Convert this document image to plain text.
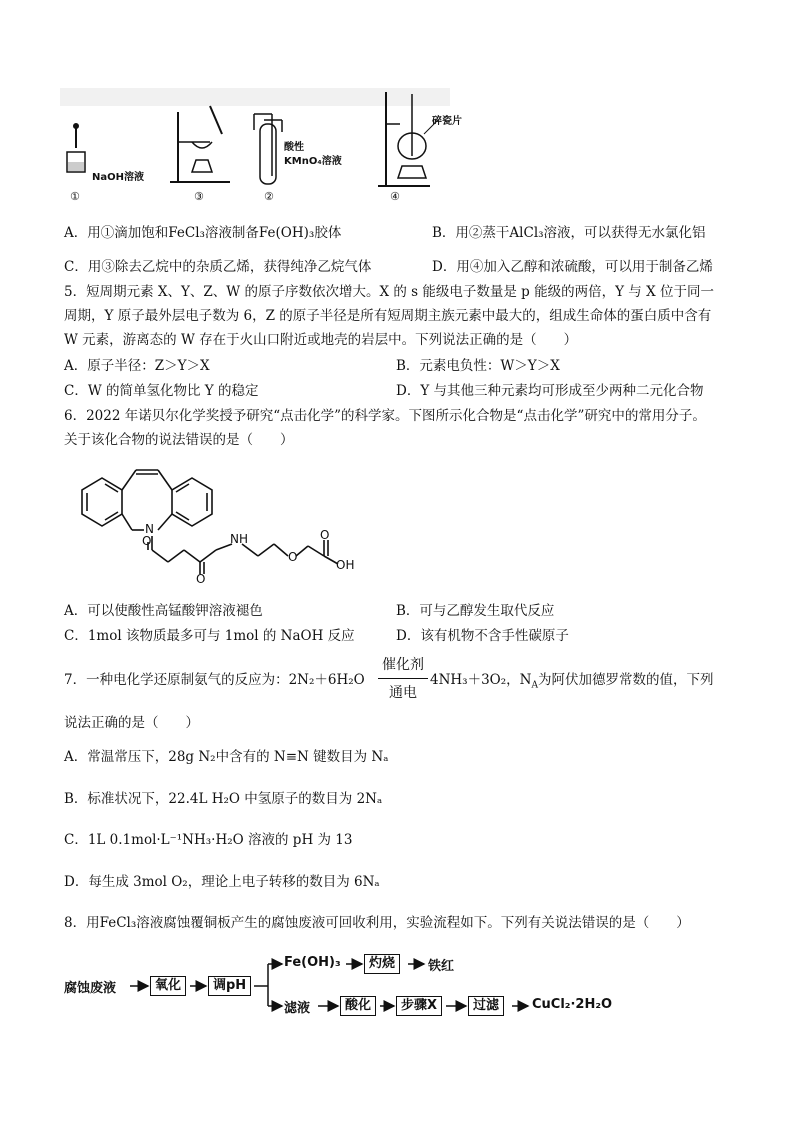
NaOH溶液
酸性
KMnO₄溶液
碎瓷片
①	③	②	④
A．用①滴加饱和FeCl₃溶液制备Fe(OH)₃胶体	B．用②蒸干AlCl₃溶液，可以获得无水氯化铝
C．用③除去乙烷中的杂质乙烯，获得纯净乙烷气体	D．用④加入乙醇和浓硫酸，可以用于制备乙烯
5．短周期元素 X、Y、Z、W 的原子序数依次增大。X 的 s 能级电子数量是 p 能级的两倍，Y 与 X 位于同一
周期，Y 原子最外层电子数为 6，Z 的原子半径是所有短周期主族元素中最大的，组成生命体的蛋白质中含有
W 元素，游离态的 W 存在于火山口附近或地壳的岩层中。下列说法正确的是（　　）
A．原子半径：Z＞Y＞X	B．元素电负性：W＞Y＞X
C．W 的简单氢化物比 Y 的稳定	D．Y 与其他三种元素均可形成至少两种二元化合物
6．2022 年诺贝尔化学奖授予研究“点击化学”的科学家。下图所示化合物是“点击化学”研究中的常用分子。
关于该化合物的说法错误的是（　　）
N
O	N H
O
O
OH
O
A．可以使酸性高锰酸钾溶液褪色	B．可与乙醇发生取代反应
C．1mol 该物质最多可与 1mol 的 NaOH 反应	D．该有机物不含手性碳原子
7．一种电化学还原制氨气的反应为：2N₂＋6H₂O
催化剂
通电
4NH₃＋3O₂，$N_A$为阿伏加德罗常数的值，下列
说法正确的是（　　）
A．常温常压下，28g N₂中含有的 N≡N 键数目为 Nₐ
B．标准状况下，22.4L H₂O 中氢原子的数目为 2Nₐ
C．1L 0.1mol·L⁻¹NH₃·H₂O 溶液的 pH 为 13
D．每生成 3mol O₂，理论上电子转移的数目为 6Nₐ
8．用FeCl₃溶液腐蚀覆铜板产生的腐蚀废液可回收利用，实验流程如下。下列有关说法错误的是（　　）
腐蚀废液	氧化	调pH
Fe(OH)₃	灼烧	铁红
滤液	酸化	步骤X	过滤	CuCl₂·2H₂O
